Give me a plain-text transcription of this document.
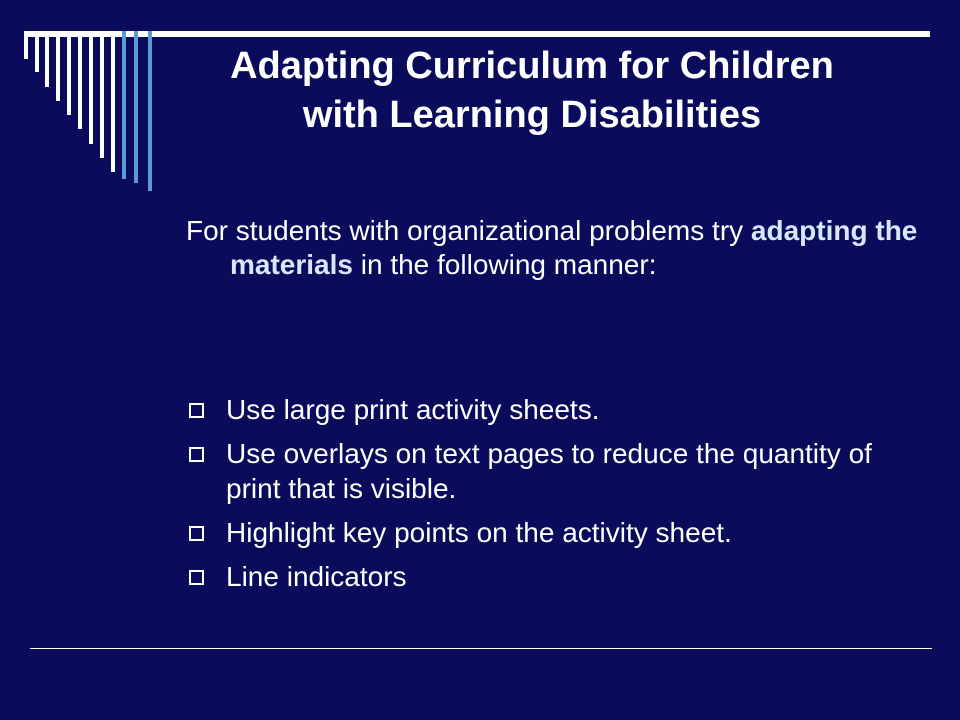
Adapting Curriculum for Children with Learning Disabilities
For students with organizational problems try adapting the materials in the following manner:
Use large print activity sheets.
Use overlays on text pages to reduce the quantity of print that is visible.
Highlight key points on the activity sheet.
Line indicators
